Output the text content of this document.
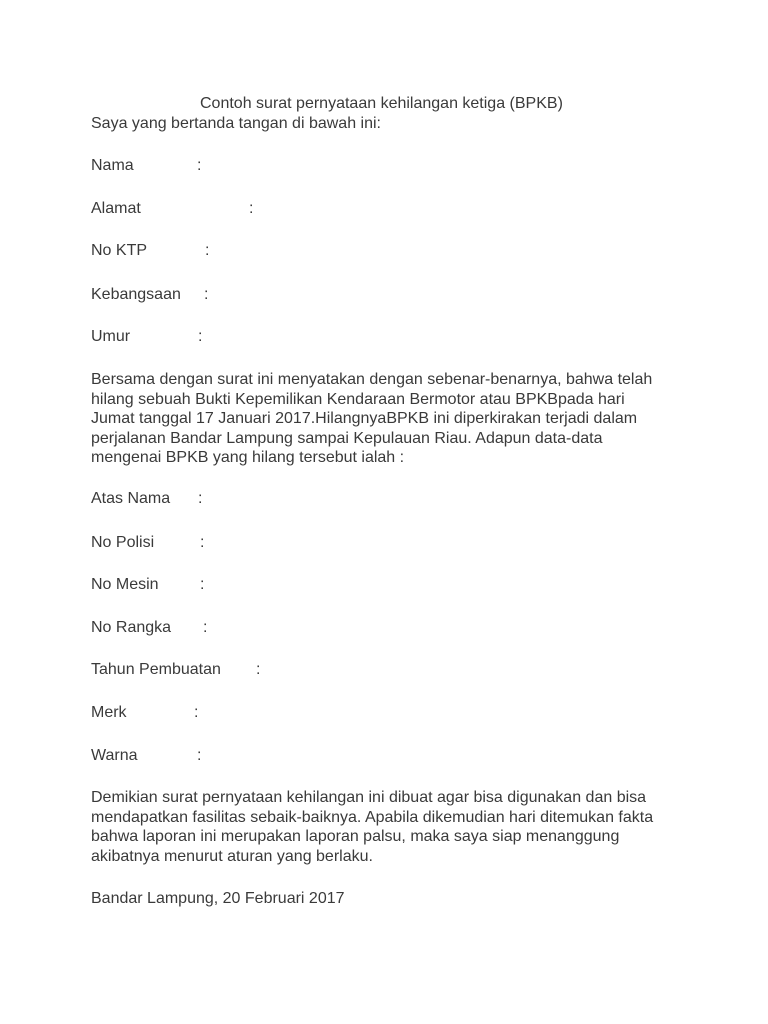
Contoh surat pernyataan kehilangan ketiga (BPKB)
Saya yang bertanda tangan di bawah ini:
Nama	:
Alamat	:
No KTP	:
Kebangsaan :
Umur	:
Bersama dengan surat ini menyatakan dengan sebenar-benarnya, bahwa telah
hilang sebuah Bukti Kepemilikan Kendaraan Bermotor atau BPKBpada hari
Jumat tanggal 17 Januari 2017.HilangnyaBPKB ini diperkirakan terjadi dalam
perjalanan Bandar Lampung sampai Kepulauan Riau. Adapun data-data
mengenai BPKB yang hilang tersebut ialah :
Atas Nama :
No Polisi	:
No Mesin	:
No Rangka :
Tahun Pembuatan :
Merk	:
Warna	:
Demikian surat pernyataan kehilangan ini dibuat agar bisa digunakan dan bisa
mendapatkan fasilitas sebaik-baiknya. Apabila dikemudian hari ditemukan fakta
bahwa laporan ini merupakan laporan palsu, maka saya siap menanggung
akibatnya menurut aturan yang berlaku.
Bandar Lampung, 20 Februari 2017
